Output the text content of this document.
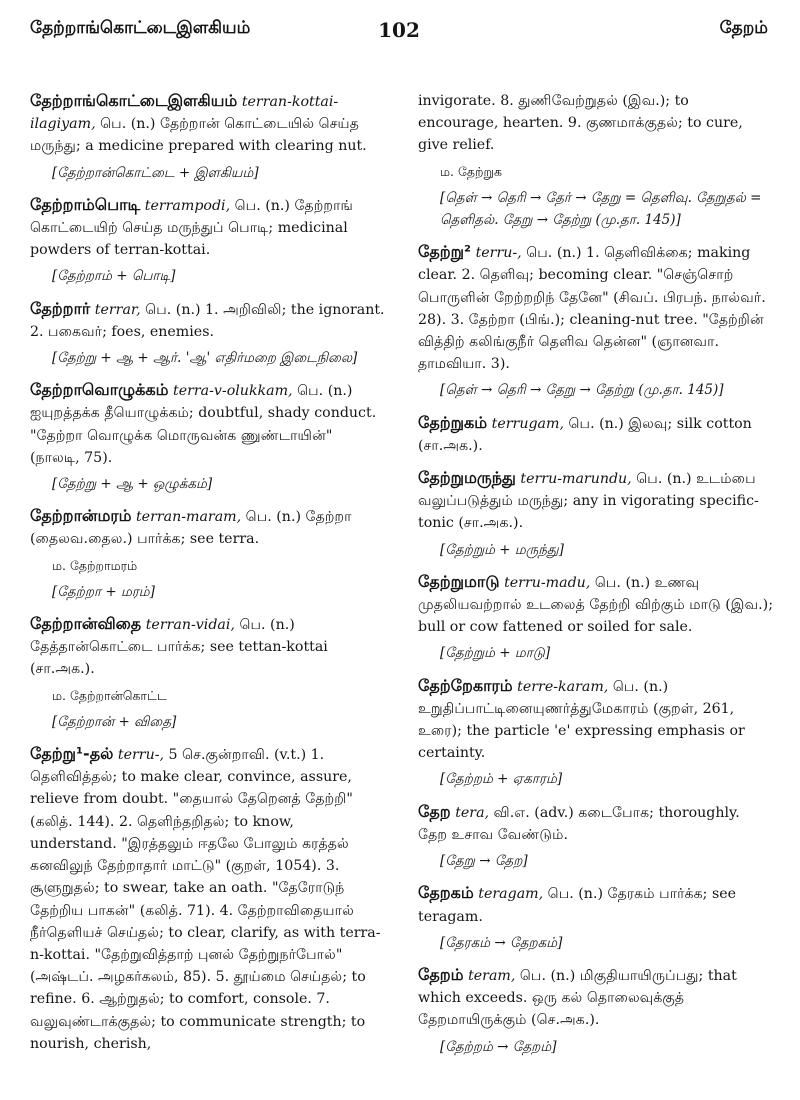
தேற்றாங்கொட்டைஇளகியம்	102	தேறம்

தேற்றாங்கொட்டைஇளகியம் terran-kottai-ilagiyam, பெ. (n.) தேற்றான் கொட்டையில் செய்த மருந்து; a medicine prepared with clearing nut.

[தேற்றான்கொட்டை + இளகியம்]

தேற்றாம்பொடி terrampodi, பெ. (n.) தேற்றாங் கொட்டையிற் செய்த மருந்துப் பொடி; medicinal powders of terran-kottai.

[தேற்றாம் + பொடி]

தேற்றார் terrar, பெ. (n.) 1. அறிவிலி; the ignorant. 2. பகைவர்; foes, enemies.

[தேற்று + ஆ + ஆர். 'ஆ' எதிர்மறை இடைநிலை]

தேற்றாவொழுக்கம் terra-v-olukkam, பெ. (n.) ஐயுறத்தக்க தீயொழுக்கம்; doubtful, shady conduct. "தேற்றா வொழுக்க மொருவன்க ணுண்டாயின்" (நாலடி, 75).

[தேற்று + ஆ + ஒழுக்கம்]

தேற்றான்மரம் terran-maram, பெ. (n.) தேற்றா (தைலவ.தைல.) பார்க்க; see terra.

ம. தேற்றாமரம்
[தேற்றா + மரம்]

தேற்றான்விதை terran-vidai, பெ. (n.) தேத்தான்கொட்டை பார்க்க; see tettan-kottai (சா.அக.).

ம. தேற்றான்கொட்ட
[தேற்றான் + விதை]

தேற்று¹-தல் terru-, 5 செ.குன்றாவி. (v.t.) 1. தெளிவித்தல்; to make clear, convince, assure, relieve from doubt. "தையால் தேறெனத் தேற்றி" (கலித். 144). 2. தெளிந்தறிதல்; to know, understand. "இரத்தலும் ஈதலே போலும் கரத்தல் கனவிலுந் தேற்றாதார் மாட்டு" (குறள், 1054). 3. சூளுறுதல்; to swear, take an oath. "தேரோடுந் தேற்றிய பாகன்" (கலித். 71). 4. தேற்றாவிதையால் நீர்தெளியச் செய்தல்; to clear, clarify, as with terra-n-kottai. "தேற்றுவித்தாற் புனல் தேற்றுநர்போல்" (அஷ்டப். அழகர்கலம், 85). 5. தூய்மை செய்தல்; to refine. 6. ஆற்றுதல்; to comfort, console. 7. வலுவுண்டாக்குதல்; to communicate strength; to nourish, cherish,

invigorate. 8. துணிவேற்றுதல் (இவ.); to encourage, hearten. 9. குணமாக்குதல்; to cure, give relief.

ம. தேற்றுக
[தெள் → தெரி → தேர் → தேறு = தெளிவு. தேறுதல் = தெளிதல். தேறு → தேற்று (மு.தா. 145)]

தேற்று² terru-, பெ. (n.) 1. தெளிவிக்கை; making clear. 2. தெளிவு; becoming clear. "செஞ்சொற் பொருளின் றேற்றறிந் தேனே" (சிவப். பிரபந். நால்வர். 28). 3. தேற்றா (பிங்.); cleaning-nut tree. "தேற்றின் வித்திற் கலிங்குநீர் தெளிவ தென்ன" (ஞானவா. தாமவியா. 3).

[தெள் → தெரி → தேறு → தேற்று (மு.தா. 145)]

தேற்றுகம் terrugam, பெ. (n.) இலவு; silk cotton (சா.அக.).

தேற்றுமருந்து terru-marundu, பெ. (n.) உடம்பை வலுப்படுத்தும் மருந்து; any in vigorating specific-tonic (சா.அக.).

[தேற்றும் + மருந்து]

தேற்றுமாடு terru-madu, பெ. (n.) உணவு முதலியவற்றால் உடலைத் தேற்றி விற்கும் மாடு (இவ.); bull or cow fattened or soiled for sale.

[தேற்றும் + மாடு]

தேற்றேகாரம் terre-karam, பெ. (n.) உறுதிப்பாட்டினையுணர்த்துமேகாரம் (குறள், 261, உரை); the particle 'e' expressing emphasis or certainty.

[தேற்றம் + ஏகாரம்]

தேற tera, வி.எ. (adv.) கடைபோக; thoroughly. தேற உசாவ வேண்டும்.

[தேறு → தேற]

தேறகம் teragam, பெ. (n.) தேரகம் பார்க்க; see teragam.

[தேரகம் → தேறகம்]

தேறம் teram, பெ. (n.) மிகுதியாயிருப்பது; that which exceeds. ஒரு கல் தொலைவுக்குத் தேறமாயிருக்கும் (செ.அக.).

[தேற்றம் → தேறம்]
